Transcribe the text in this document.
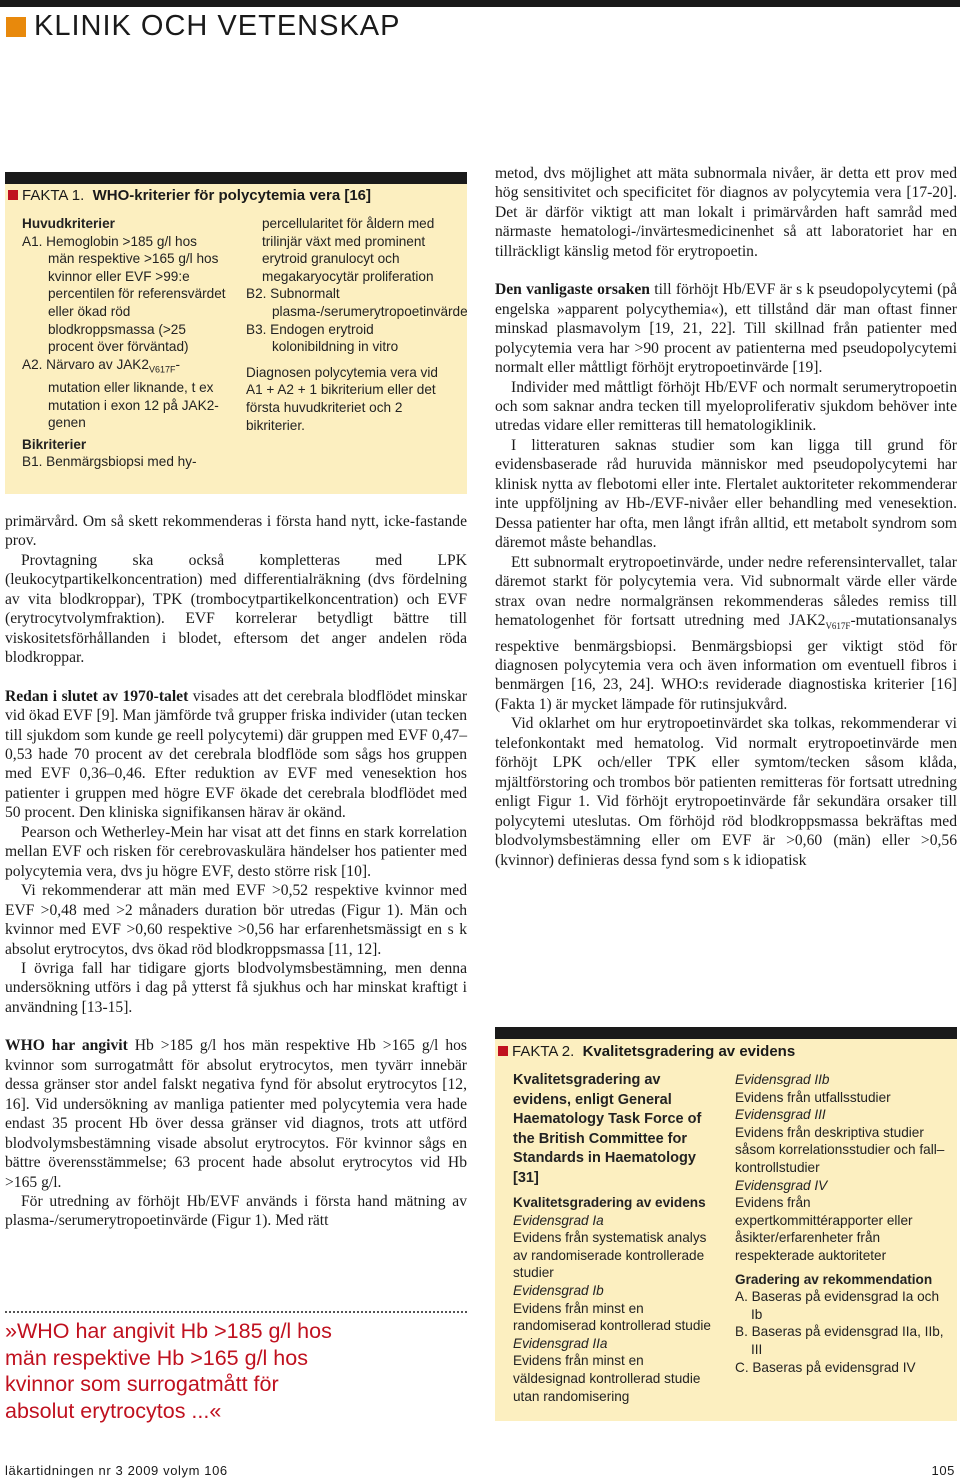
KLINIK OCH VETENSKAP
FAKTA 1. WHO-kriterier för polycytemia vera [16]
Huvudkriterier
A1. Hemoglobin >185 g/l hos män respektive >165 g/l hos kvinnor eller EVF >99:e percentilen för referensvärdet eller ökad röd blodkroppsmassa (>25 procent över förväntad)
A2. Närvaro av $JAK2_{V617F}$-mutation eller liknande, t ex mutation i exon 12 på JAK2-genen
Bikriterier
B1. Benmärgsbiopsi med hy-
percellularitet för åldern med trilinjär växt med prominent erytroid granulocyt och megakaryocytär proliferation
B2. Subnormalt plasma-/serumerytropoetinvärde
B3. Endogen erytroid kolonibildning in vitro
Diagnosen polycytemia vera vid A1 + A2 + 1 bikriterium eller det första huvudkriteriet och 2 bikriterier.

primärvård. Om så skett rekommenderas i första hand nytt, icke-fastande prov.

Provtagning ska också kompletteras med LPK (leukocytpartikelkoncentration) med differentialräkning (dvs fördelning av vita blodkroppar), TPK (trombocytpartikelkoncentration) och EVF (erytrocytvolymfraktion). EVF korrelerar betydligt bättre till viskositetsförhållanden i blodet, eftersom det anger andelen röda blodkroppar.

Redan i slutet av 1970-talet visades att det cerebrala blodflödet minskar vid ökad EVF [9]. Man jämförde två grupper friska individer (utan tecken till sjukdom som kunde ge reell polycytemi) där gruppen med EVF 0,47–0,53 hade 70 procent av det cerebrala blodflöde som sågs hos gruppen med EVF 0,36–0,46. Efter reduktion av EVF med venesektion hos patienter i gruppen med högre EVF ökade det cerebrala blodflödet med 50 procent. Den kliniska signifikansen härav är okänd.

Pearson och Wetherley-Mein har visat att det finns en stark korrelation mellan EVF och risken för cerebrovaskulära händelser hos patienter med polycytemia vera, dvs ju högre EVF, desto större risk [10].

Vi rekommenderar att män med EVF >0,52 respektive kvinnor med EVF >0,48 med >2 månaders duration bör utredas (Figur 1). Män och kvinnor med EVF >0,60 respektive >0,56 har erfarenhetsmässigt en s k absolut erytrocytos, dvs ökad röd blodkroppsmassa [11, 12].

I övriga fall har tidigare gjorts blodvolymsbestämning, men denna undersökning utförs i dag på ytterst få sjukhus och har minskat kraftigt i användning [13-15].

WHO har angivit Hb >185 g/l hos män respektive Hb >165 g/l hos kvinnor som surrogatmått för absolut erytrocytos, men tyvärr innebär dessa gränser stor andel falskt negativa fynd för absolut erytrocytos [12, 16]. Vid undersökning av manliga patienter med polycytemia vera hade endast 35 procent Hb över dessa gränser vid diagnos, trots att utförd blodvolymsbestämning visade absolut erytrocytos. För kvinnor sågs en bättre överensstämmelse; 63 procent hade absolut erytrocytos vid Hb >165 g/l.

För utredning av förhöjt Hb/EVF används i första hand mätning av plasma-/serumerytropoetinvärde (Figur 1). Med rätt

»WHO har angivit Hb >185 g/l hos män respektive Hb >165 g/l hos kvinnor som surrogatmått för absolut erytrocytos ...«

metod, dvs möjlighet att mäta subnormala nivåer, är detta ett prov med hög sensitivitet och specificitet för diagnos av polycytemia vera [17-20]. Det är därför viktigt att man lokalt i primärvården haft samråd med närmaste hematologi-/invärtesmedicinenhet så att laboratoriet har en tillräckligt känslig metod för erytropoetin.

Den vanligaste orsaken till förhöjt Hb/EVF är s k pseudopolycytemi (på engelska »apparent polycythemia«), ett tillstånd där man oftast finner minskad plasmavolym [19, 21, 22]. Till skillnad från patienter med polycytemia vera har >90 procent av patienterna med pseudopolycytemi normalt eller måttligt förhöjt erytropoetinvärde [19].

Individer med måttligt förhöjt Hb/EVF och normalt serumerytropoetin och som saknar andra tecken till myeloproliferativ sjukdom behöver inte utredas vidare eller remitteras till hematologiklinik.

I litteraturen saknas studier som kan ligga till grund för evidensbaserade råd huruvida människor med pseudopolycytemi har klinisk nytta av flebotomi eller inte. Flertalet auktoriteter rekommenderar inte uppföljning av Hb-/EVF-nivåer eller behandling med venesektion. Dessa patienter har ofta, men långt ifrån alltid, ett metabolt syndrom som däremot måste behandlas.

Ett subnormalt erytropoetinvärde, under nedre referensintervallet, talar däremot starkt för polycytemia vera. Vid subnormalt värde eller värde strax ovan nedre normalgränsen rekommenderas således remiss till hematologenhet för fortsatt utredning med $JAK2_{V617F}$-mutationsanalys respektive benmärgsbiopsi. Benmärgsbiopsi ger viktigt stöd för diagnosen polycytemia vera och även information om eventuell fibros i benmärgen [16, 23, 24]. WHO:s reviderade diagnostiska kriterier [16] (Fakta 1) är mycket lämpade för rutinsjukvård.

Vid oklarhet om hur erytropoetinvärdet ska tolkas, rekommenderar vi telefonkontakt med hematolog. Vid normalt erytropoetinvärde men förhöjt LPK och/eller TPK eller symtom/tecken såsom klåda, mjältförstoring och trombos bör patienten remitteras för fortsatt utredning enligt Figur 1. Vid förhöjt erytropoetinvärde får sekundära orsaker till polycytemi uteslutas. Om förhöjd röd blodkroppsmassa bekräftas med blodvolymsbestämning eller om EVF är >0,60 (män) eller >0,56 (kvinnor) definieras dessa fynd som s k idiopatisk

FAKTA 2. Kvalitetsgradering av evidens
Kvalitetsgradering av evidens, enligt General Haematology Task Force of the British Committee for Standards in Haematology [31]
Kvalitetsgradering av evidens
Evidensgrad Ia
Evidens från systematisk analys av randomiserade kontrollerade studier
Evidensgrad Ib
Evidens från minst en randomiserad kontrollerad studie
Evidensgrad IIa
Evidens från minst en väldesignad kontrollerad studie utan randomisering
Evidensgrad IIb
Evidens från utfallsstudier
Evidensgrad III
Evidens från deskriptiva studier såsom korrelationsstudier och fall–kontrollstudier
Evidensgrad IV
Evidens från expertkommittérapporter eller åsikter/erfarenheter från respekterade auktoriteter
Gradering av rekommendation
A. Baseras på evidensgrad Ia och Ib
B. Baseras på evidensgrad IIa, IIb, III
C. Baseras på evidensgrad IV
läkartidningen nr 3 2009 volym 106	105
